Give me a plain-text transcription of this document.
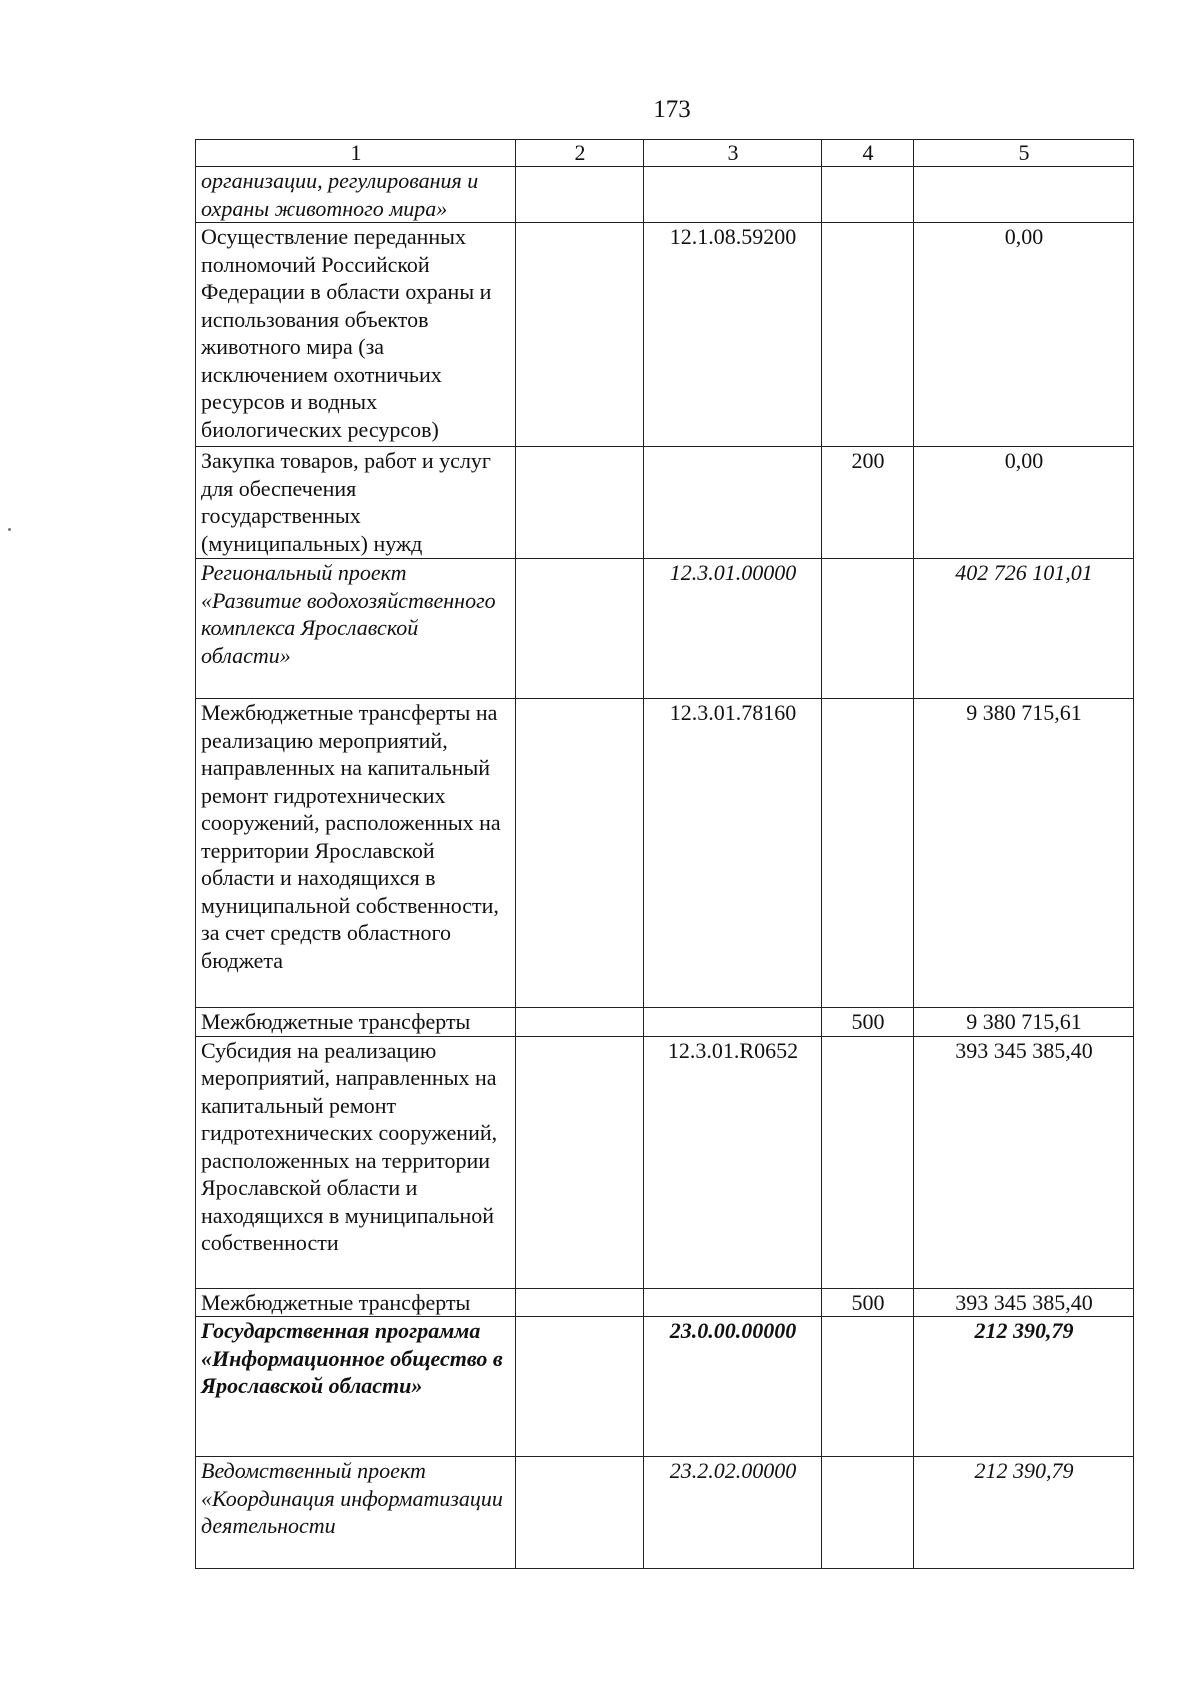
173
1	2	3	4	5
организации, регулирования и охраны животного мира»				
Осуществление переданных полномочий Российской Федерации в области охраны и использования объектов животного мира (за исключением охотничьих ресурсов и водных биологических ресурсов)		12.1.08.59200		0,00
Закупка товаров, работ и услуг для обеспечения государственных (муниципальных) нужд			200	0,00
Региональный проект «Развитие водохозяйственного комплекса Ярославской области»		12.3.01.00000		402 726 101,01
Межбюджетные трансферты на реализацию мероприятий, направленных на капитальный ремонт гидротехнических сооружений, расположенных на территории Ярославской области и находящихся в муниципальной собственности, за счет средств областного бюджета		12.3.01.78160		9 380 715,61
Межбюджетные трансферты			500	9 380 715,61
Субсидия на реализацию мероприятий, направленных на капитальный ремонт гидротехнических сооружений, расположенных на территории Ярославской области и находящихся в муниципальной собственности		12.3.01.R0652		393 345 385,40
Межбюджетные трансферты			500	393 345 385,40
Государственная программа «Информационное общество в Ярославской области»		23.0.00.00000		212 390,79
Ведомственный проект «Координация информатизации деятельности		23.2.02.00000		212 390,79
